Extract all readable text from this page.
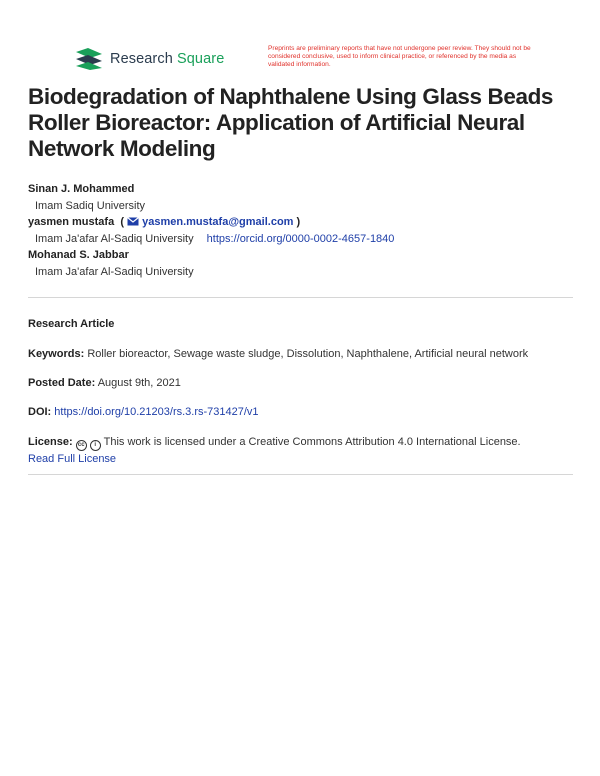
Research Square
Preprints are preliminary reports that have not undergone peer review. They should not be considered conclusive, used to inform clinical practice, or referenced by the media as validated information.
Biodegradation of Naphthalene Using Glass Beads Roller Bioreactor: Application of Artificial Neural Network Modeling
Sinan J. Mohammed
Imam Sadiq University
yasmen mustafa  (  yasmen.mustafa@gmail.com )
Imam Ja'afar Al-Sadiq University https://orcid.org/0000-0002-4657-1840
Mohanad S. Jabbar
Imam Ja'afar Al-Sadiq University
Research Article
Keywords: Roller bioreactor, Sewage waste sludge, Dissolution, Naphthalene, Artificial neural network
Posted Date: August 9th, 2021
DOI: https://doi.org/10.21203/rs.3.rs-731427/v1
License: cc i This work is licensed under a Creative Commons Attribution 4.0 International License.
Read Full License
